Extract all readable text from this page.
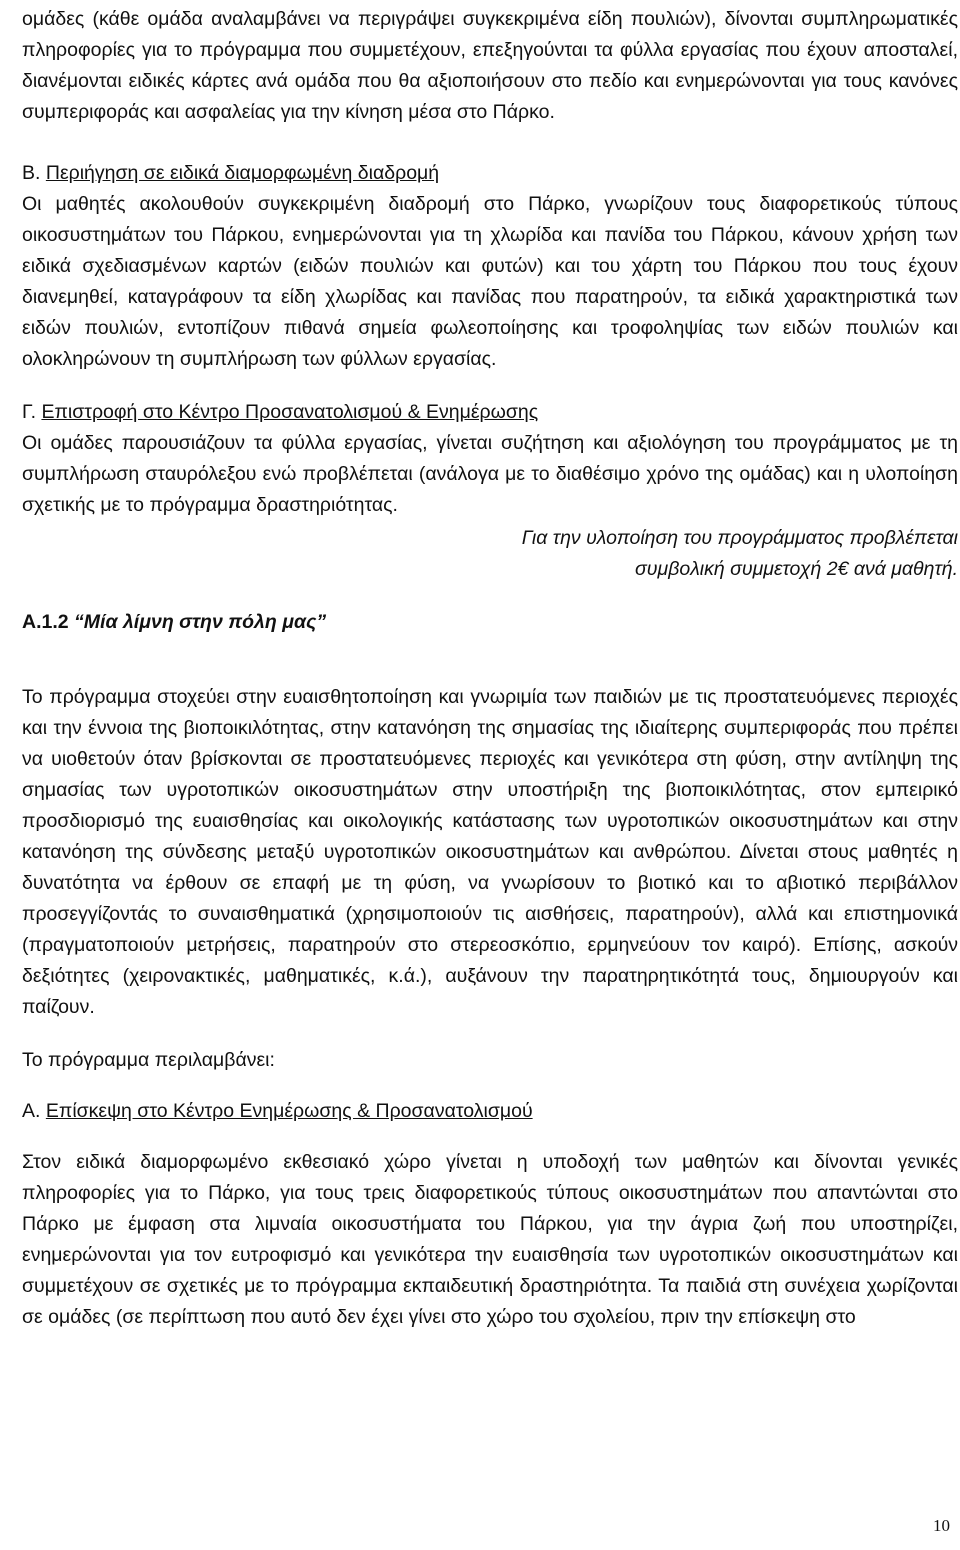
ομάδες (κάθε ομάδα αναλαμβάνει να περιγράψει συγκεκριμένα είδη πουλιών), δίνονται συμπληρωματικές πληροφορίες για το πρόγραμμα που συμμετέχουν, επεξηγούνται τα φύλλα εργασίας που έχουν αποσταλεί, διανέμονται ειδικές κάρτες ανά ομάδα που θα αξιοποιήσουν στο πεδίο και ενημερώνονται για τους κανόνες συμπεριφοράς και ασφαλείας για την κίνηση μέσα στο Πάρκο.

Β. Περιήγηση σε ειδικά διαμορφωμένη διαδρομή

Οι μαθητές ακολουθούν συγκεκριμένη διαδρομή στο Πάρκο, γνωρίζουν τους διαφορετικούς τύπους οικοσυστημάτων του Πάρκου, ενημερώνονται για τη χλωρίδα και πανίδα του Πάρκου, κάνουν χρήση των ειδικά σχεδιασμένων καρτών (ειδών πουλιών και φυτών) και του χάρτη του Πάρκου που τους έχουν διανεμηθεί, καταγράφουν τα είδη χλωρίδας και πανίδας που παρατηρούν, τα ειδικά χαρακτηριστικά των ειδών πουλιών, εντοπίζουν πιθανά σημεία φωλεοποίησης και τροφοληψίας των ειδών πουλιών και ολοκληρώνουν τη συμπλήρωση των φύλλων εργασίας.

Γ. Επιστροφή στο Κέντρο Προσανατολισμού & Ενημέρωσης

Οι ομάδες παρουσιάζουν τα φύλλα εργασίας, γίνεται συζήτηση και αξιολόγηση του προγράμματος με τη συμπλήρωση σταυρόλεξου ενώ προβλέπεται (ανάλογα με το διαθέσιμο χρόνο της ομάδας) και η υλοποίηση σχετικής με το πρόγραμμα δραστηριότητας.

Για την υλοποίηση του προγράμματος προβλέπεται
συμβολική συμμετοχή 2€ ανά μαθητή.

Α.1.2 “Μία λίμνη στην πόλη μας”

Το πρόγραμμα στοχεύει στην ευαισθητοποίηση και γνωριμία των παιδιών με τις προστατευόμενες περιοχές και την έννοια της βιοποικιλότητας, στην κατανόηση της σημασίας της ιδιαίτερης συμπεριφοράς που πρέπει να υιοθετούν όταν βρίσκονται σε προστατευόμενες περιοχές και γενικότερα στη φύση, στην αντίληψη της σημασίας των υγροτοπικών οικοσυστημάτων στην υποστήριξη της βιοποικιλότητας, στον εμπειρικό προσδιορισμό της ευαισθησίας και οικολογικής κατάστασης των υγροτοπικών οικοσυστημάτων και στην κατανόηση της σύνδεσης μεταξύ υγροτοπικών οικοσυστημάτων και ανθρώπου. Δίνεται στους μαθητές η δυνατότητα να έρθουν σε επαφή με τη φύση, να γνωρίσουν το βιοτικό και το αβιοτικό περιβάλλον προσεγγίζοντάς το συναισθηματικά (χρησιμοποιούν τις αισθήσεις, παρατηρούν), αλλά και επιστημονικά (πραγματοποιούν μετρήσεις, παρατηρούν στο στερεοσκόπιο, ερμηνεύουν τον καιρό). Επίσης, ασκούν δεξιότητες (χειρονακτικές, μαθηματικές, κ.ά.), αυξάνουν την παρατηρητικότητά τους, δημιουργούν και παίζουν.

Το πρόγραμμα περιλαμβάνει:

Α. Επίσκεψη στο Κέντρο Ενημέρωσης & Προσανατολισμού

Στον ειδικά διαμορφωμένο εκθεσιακό χώρο γίνεται η υποδοχή των μαθητών και δίνονται γενικές πληροφορίες για το Πάρκο, για τους τρεις διαφορετικούς τύπους οικοσυστημάτων που απαντώνται στο Πάρκο με έμφαση στα λιμναία οικοσυστήματα του Πάρκου, για την άγρια ζωή που υποστηρίζει, ενημερώνονται για τον ευτροφισμό και γενικότερα την ευαισθησία των υγροτοπικών οικοσυστημάτων και συμμετέχουν σε σχετικές με το πρόγραμμα εκπαιδευτική δραστηριότητα. Τα παιδιά στη συνέχεια χωρίζονται σε ομάδες (σε περίπτωση που αυτό δεν έχει γίνει στο χώρο του σχολείου, πριν την επίσκεψη στο

10
